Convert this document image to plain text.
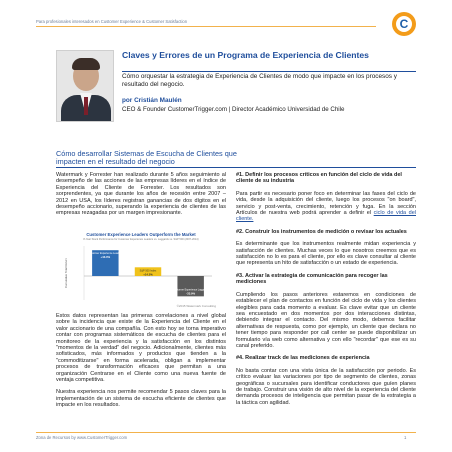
Para profesionales interesados en Customer Experience & Customer Satisfaction	C
Claves y Errores de un Programa de Experiencia de Clientes
Cómo orquestar la estrategia de Experiencia de Clientes de modo que impacte en los procesos y resultado del negocio.
por Cristián Maulén
CEO & Founder CustomerTrigger.com | Director Académico Universidad de Chile
Cómo desarrollar Sistemas de Escucha de Clientes que impacten en el resultado del negocio

Watermark y Forrester han realizado durante 5 años seguimiento al desempeño de las acciones de las empresas líderes en el índice de Experiencia del Cliente de Forrester. Los resultados son sorprendentes, ya que durante los años de recesión entre 2007 – 2012 en USA, los líderes registran ganancias de dos dígitos en el desempeño accionario, superando la experiencia de clientes de las empresas rezagadas por un margen impresionante.

Customer Experience Leaders Outperform the Market
8-Year Stock Performance for Customer Experience Leaders vs. Laggards vs. S&P 500 (2007-2014)
Cumulative Total Return
Customer Experience Leaders
+43.0%
S&P 500 Index
+14.5%
Customer Experience Laggards
-33.9%
©2015 Watermark Consulting

Estos datos representan las primeras correlaciones a nivel global sobre la incidencia que existe de la Experiencia del Cliente en el valor accionario de una compañía. Con esto hoy se torna imperativo contar con programas sistemáticos de escucha de clientes para el monitoreo de la experiencia y la satisfacción en los distintos "momentos de la verdad" del negocio. Adicionalmente, clientes más sofisticados, más informados y productos que tienden a la "commoditizarse" en forma acelerada, obligan a implementar procesos de transformación eficaces que permitan a una organización Centrarse en el Cliente como una nueva fuente de ventaja competitiva.

Nuestra experiencia nos permite recomendar 5 pasos claves para la implementación de un sistema de escucha eficiente de clientes que impacte en los resultados.

#1. Definir los procesos críticos en función del ciclo de vida del cliente de su industria

Para partir es necesario poner foco en determinar las fases del ciclo de vida, desde la adquisición del cliente, luego los procesos "on board", servicio y post-venta, crecimiento, retención y fuga. En la sección Artículos de nuestra web podrá aprender a definir el ciclo de vida del cliente.

#2. Construir los instrumentos de medición o revisar los actuales

Es determinante que los instrumentos realmente midan experiencia y satisfacción de clientes. Muchas veces lo que nosotros creemos que es satisfacción no lo es para el cliente, por ello es clave consultar al cliente que representa un hito de satisfacción o un estado de experiencia.

#3. Activar la estrategia de comunicación para recoger las mediciones

Cumpliendo los pasos anteriores estaremos en condiciones de establecer el plan de contactos en función del ciclo de vida y los clientes elegibles para cada momento a evaluar. Es clave evitar que un cliente sea encuestado en dos momentos por dos interacciones distintas, debiendo integrar el contacto. Del mismo modo, debemos facilitar alternativas de respuesta, como por ejemplo, un cliente que declara no tener tiempo para responder por call center se puede disponibilizar un formulario vía web como alternativa y con ello "recordar" que ese es su canal preferido.

#4. Realizar track de las mediciones de experiencia

No basta contar con una vista única de la satisfacción por periodo. Es crítico evaluar las variaciones por tipo de segmento de clientes, zonas geográficas o sucursales para identificar conductores que guíen planes de trabajo. Construir una visión de alto nivel de la experiencia del cliente demanda procesos de inteligencia que permitan pasar de la estrategia a la táctica con agilidad.

Zona de Recursos by www.CustomerTrigger.com	1
